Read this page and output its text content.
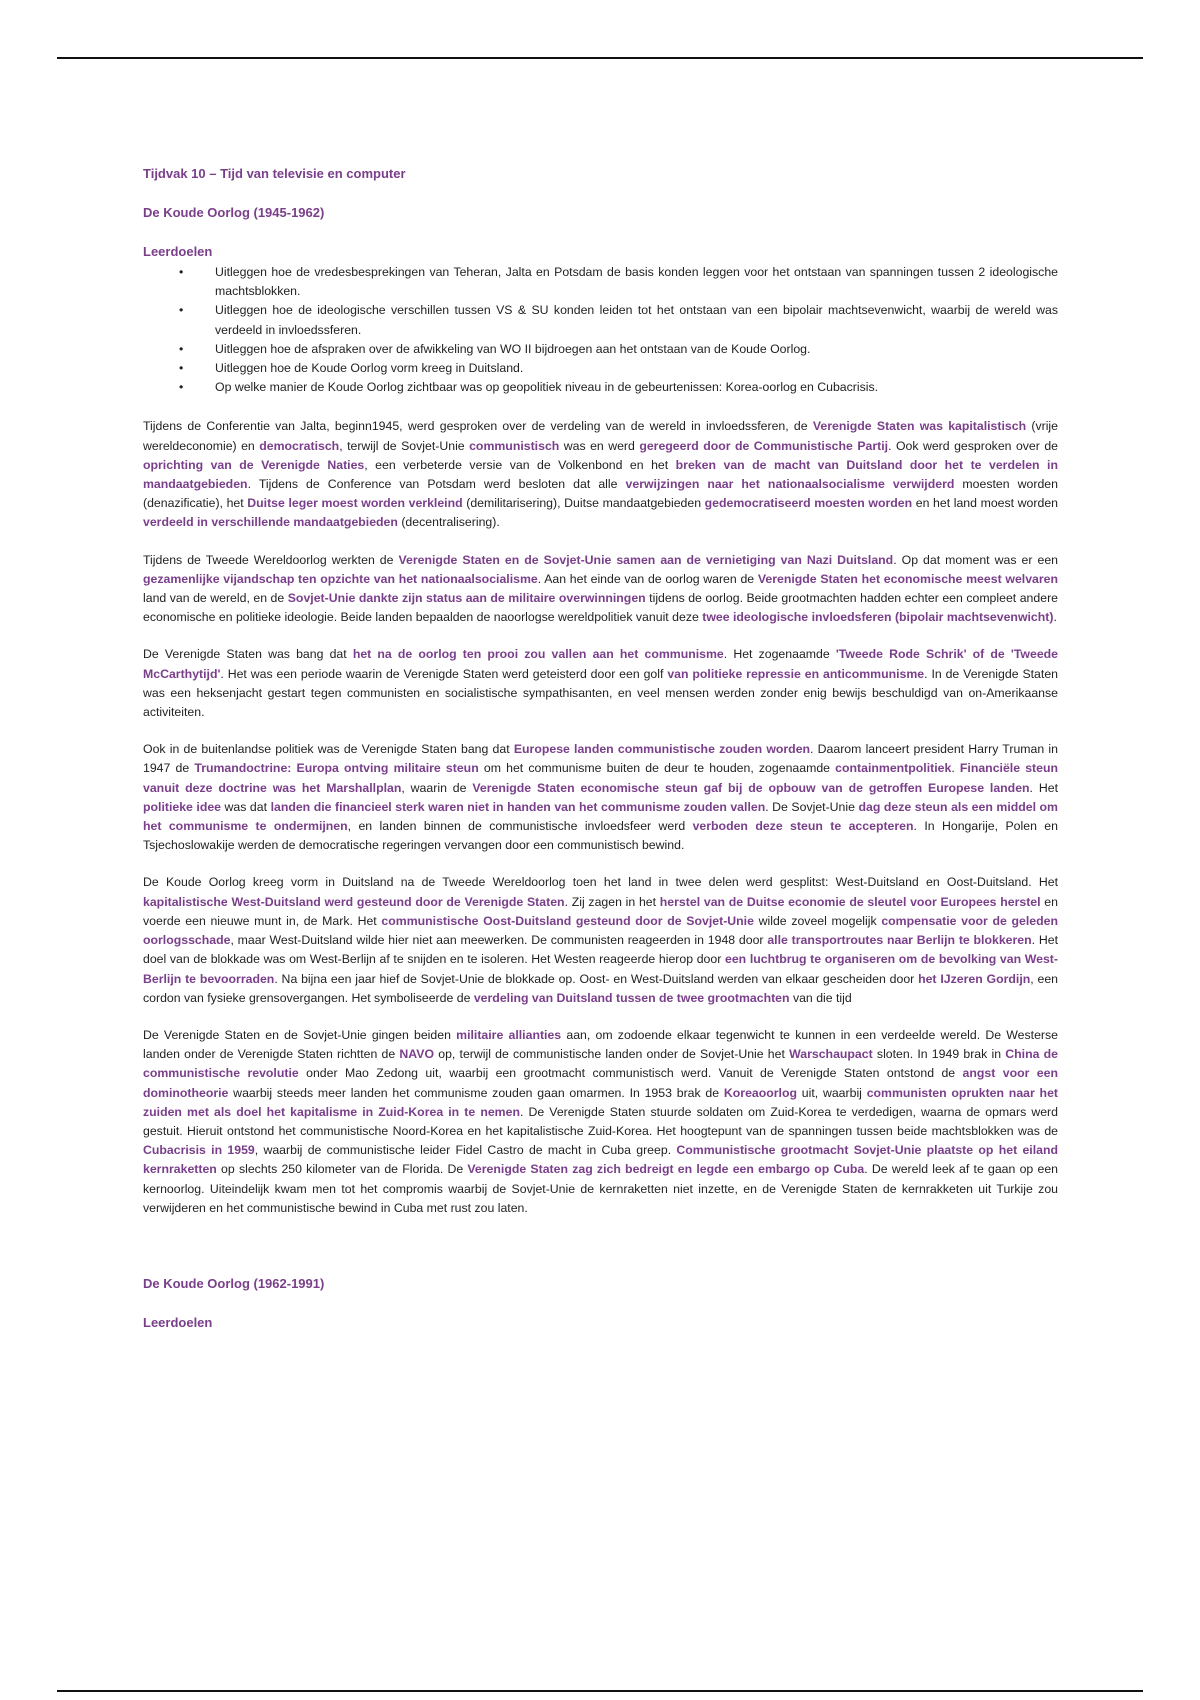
Tijdvak 10 – Tijd van televisie en computer

De Koude Oorlog (1945-1962)

Leerdoelen

• Uitleggen hoe de vredesbesprekingen van Teheran, Jalta en Potsdam de basis konden leggen voor het ontstaan van spanningen tussen 2 ideologische machtsblokken.
• Uitleggen hoe de ideologische verschillen tussen VS & SU konden leiden tot het ontstaan van een bipolair machtsevenwicht, waarbij de wereld was verdeeld in invloedssferen.
• Uitleggen hoe de afspraken over de afwikkeling van WO II bijdroegen aan het ontstaan van de Koude Oorlog.
• Uitleggen hoe de Koude Oorlog vorm kreeg in Duitsland.
• Op welke manier de Koude Oorlog zichtbaar was op geopolitiek niveau in de gebeurtenissen: Korea-oorlog en Cubacrisis.

Tijdens de Conferentie van Jalta, beginn1945, werd gesproken over de verdeling van de wereld in invloedssferen, de Verenigde Staten was kapitalistisch (vrije wereldeconomie) en democratisch, terwijl de Sovjet-Unie communistisch was en werd geregeerd door de Communistische Partij. Ook werd gesproken over de oprichting van de Verenigde Naties, een verbeterde versie van de Volkenbond en het breken van de macht van Duitsland door het te verdelen in mandaatgebieden. Tijdens de Conference van Potsdam werd besloten dat alle verwijzingen naar het nationaalsocialisme verwijderd moesten worden (denazificatie), het Duitse leger moest worden verkleind (demilitarisering), Duitse mandaatgebieden gedemocratiseerd moesten worden en het land moest worden verdeeld in verschillende mandaatgebieden (decentralisering).

Tijdens de Tweede Wereldoorlog werkten de Verenigde Staten en de Sovjet-Unie samen aan de vernietiging van Nazi Duitsland. Op dat moment was er een gezamenlijke vijandschap ten opzichte van het nationaalsocialisme. Aan het einde van de oorlog waren de Verenigde Staten het economische meest welvaren land van de wereld, en de Sovjet-Unie dankte zijn status aan de militaire overwinningen tijdens de oorlog. Beide grootmachten hadden echter een compleet andere economische en politieke ideologie. Beide landen bepaalden de naoorlogse wereldpolitiek vanuit deze twee ideologische invloedsferen (bipolair machtsevenwicht).

De Verenigde Staten was bang dat het na de oorlog ten prooi zou vallen aan het communisme. Het zogenaamde 'Tweede Rode Schrik' of de 'Tweede McCarthytijd'. Het was een periode waarin de Verenigde Staten werd geteisterd door een golf van politieke repressie en anticommunisme. In de Verenigde Staten was een heksenjacht gestart tegen communisten en socialistische sympathisanten, en veel mensen werden zonder enig bewijs beschuldigd van on-Amerikaanse activiteiten.

Ook in de buitenlandse politiek was de Verenigde Staten bang dat Europese landen communistische zouden worden. Daarom lanceert president Harry Truman in 1947 de Trumandoctrine: Europa ontving militaire steun om het communisme buiten de deur te houden, zogenaamde containmentpolitiek. Financiële steun vanuit deze doctrine was het Marshallplan, waarin de Verenigde Staten economische steun gaf bij de opbouw van de getroffen Europese landen. Het politieke idee was dat landen die financieel sterk waren niet in handen van het communisme zouden vallen. De Sovjet-Unie dag deze steun als een middel om het communisme te ondermijnen, en landen binnen de communistische invloedsfeer werd verboden deze steun te accepteren. In Hongarije, Polen en Tsjechoslowakije werden de democratische regeringen vervangen door een communistisch bewind.

De Koude Oorlog kreeg vorm in Duitsland na de Tweede Wereldoorlog toen het land in twee delen werd gesplitst: West-Duitsland en Oost-Duitsland. Het kapitalistische West-Duitsland werd gesteund door de Verenigde Staten. Zij zagen in het herstel van de Duitse economie de sleutel voor Europees herstel en voerde een nieuwe munt in, de Mark. Het communistische Oost-Duitsland gesteund door de Sovjet-Unie wilde zoveel mogelijk compensatie voor de geleden oorlogsschade, maar West-Duitsland wilde hier niet aan meewerken. De communisten reageerden in 1948 door alle transportroutes naar Berlijn te blokkeren. Het doel van de blokkade was om West-Berlijn af te snijden en te isoleren. Het Westen reageerde hierop door een luchtbrug te organiseren om de bevolking van West-Berlijn te bevoorraden. Na bijna een jaar hief de Sovjet-Unie de blokkade op. Oost- en West-Duitsland werden van elkaar gescheiden door het IJzeren Gordijn, een cordon van fysieke grensovergangen. Het symboliseerde de verdeling van Duitsland tussen de twee grootmachten van die tijd

De Verenigde Staten en de Sovjet-Unie gingen beiden militaire allianties aan, om zodoende elkaar tegenwicht te kunnen in een verdeelde wereld. De Westerse landen onder de Verenigde Staten richtten de NAVO op, terwijl de communistische landen onder de Sovjet-Unie het Warschaupact sloten. In 1949 brak in China de communistische revolutie onder Mao Zedong uit, waarbij een grootmacht communistisch werd. Vanuit de Verenigde Staten ontstond de angst voor een dominotheorie waarbij steeds meer landen het communisme zouden gaan omarmen. In 1953 brak de Koreaoorlog uit, waarbij communisten oprukten naar het zuiden met als doel het kapitalisme in Zuid-Korea in te nemen. De Verenigde Staten stuurde soldaten om Zuid-Korea te verdedigen, waarna de opmars werd gestuit. Hieruit ontstond het communistische Noord-Korea en het kapitalistische Zuid-Korea. Het hoogtepunt van de spanningen tussen beide machtsblokken was de Cubacrisis in 1959, waarbij de communistische leider Fidel Castro de macht in Cuba greep. Communistische grootmacht Sovjet-Unie plaatste op het eiland kernraketten op slechts 250 kilometer van de Florida. De Verenigde Staten zag zich bedreigt en legde een embargo op Cuba. De wereld leek af te gaan op een kernoorlog. Uiteindelijk kwam men tot het compromis waarbij de Sovjet-Unie de kernraketten niet inzette, en de Verenigde Staten de kernrakketen uit Turkije zou verwijderen en het communistische bewind in Cuba met rust zou laten.

De Koude Oorlog (1962-1991)

Leerdoelen
